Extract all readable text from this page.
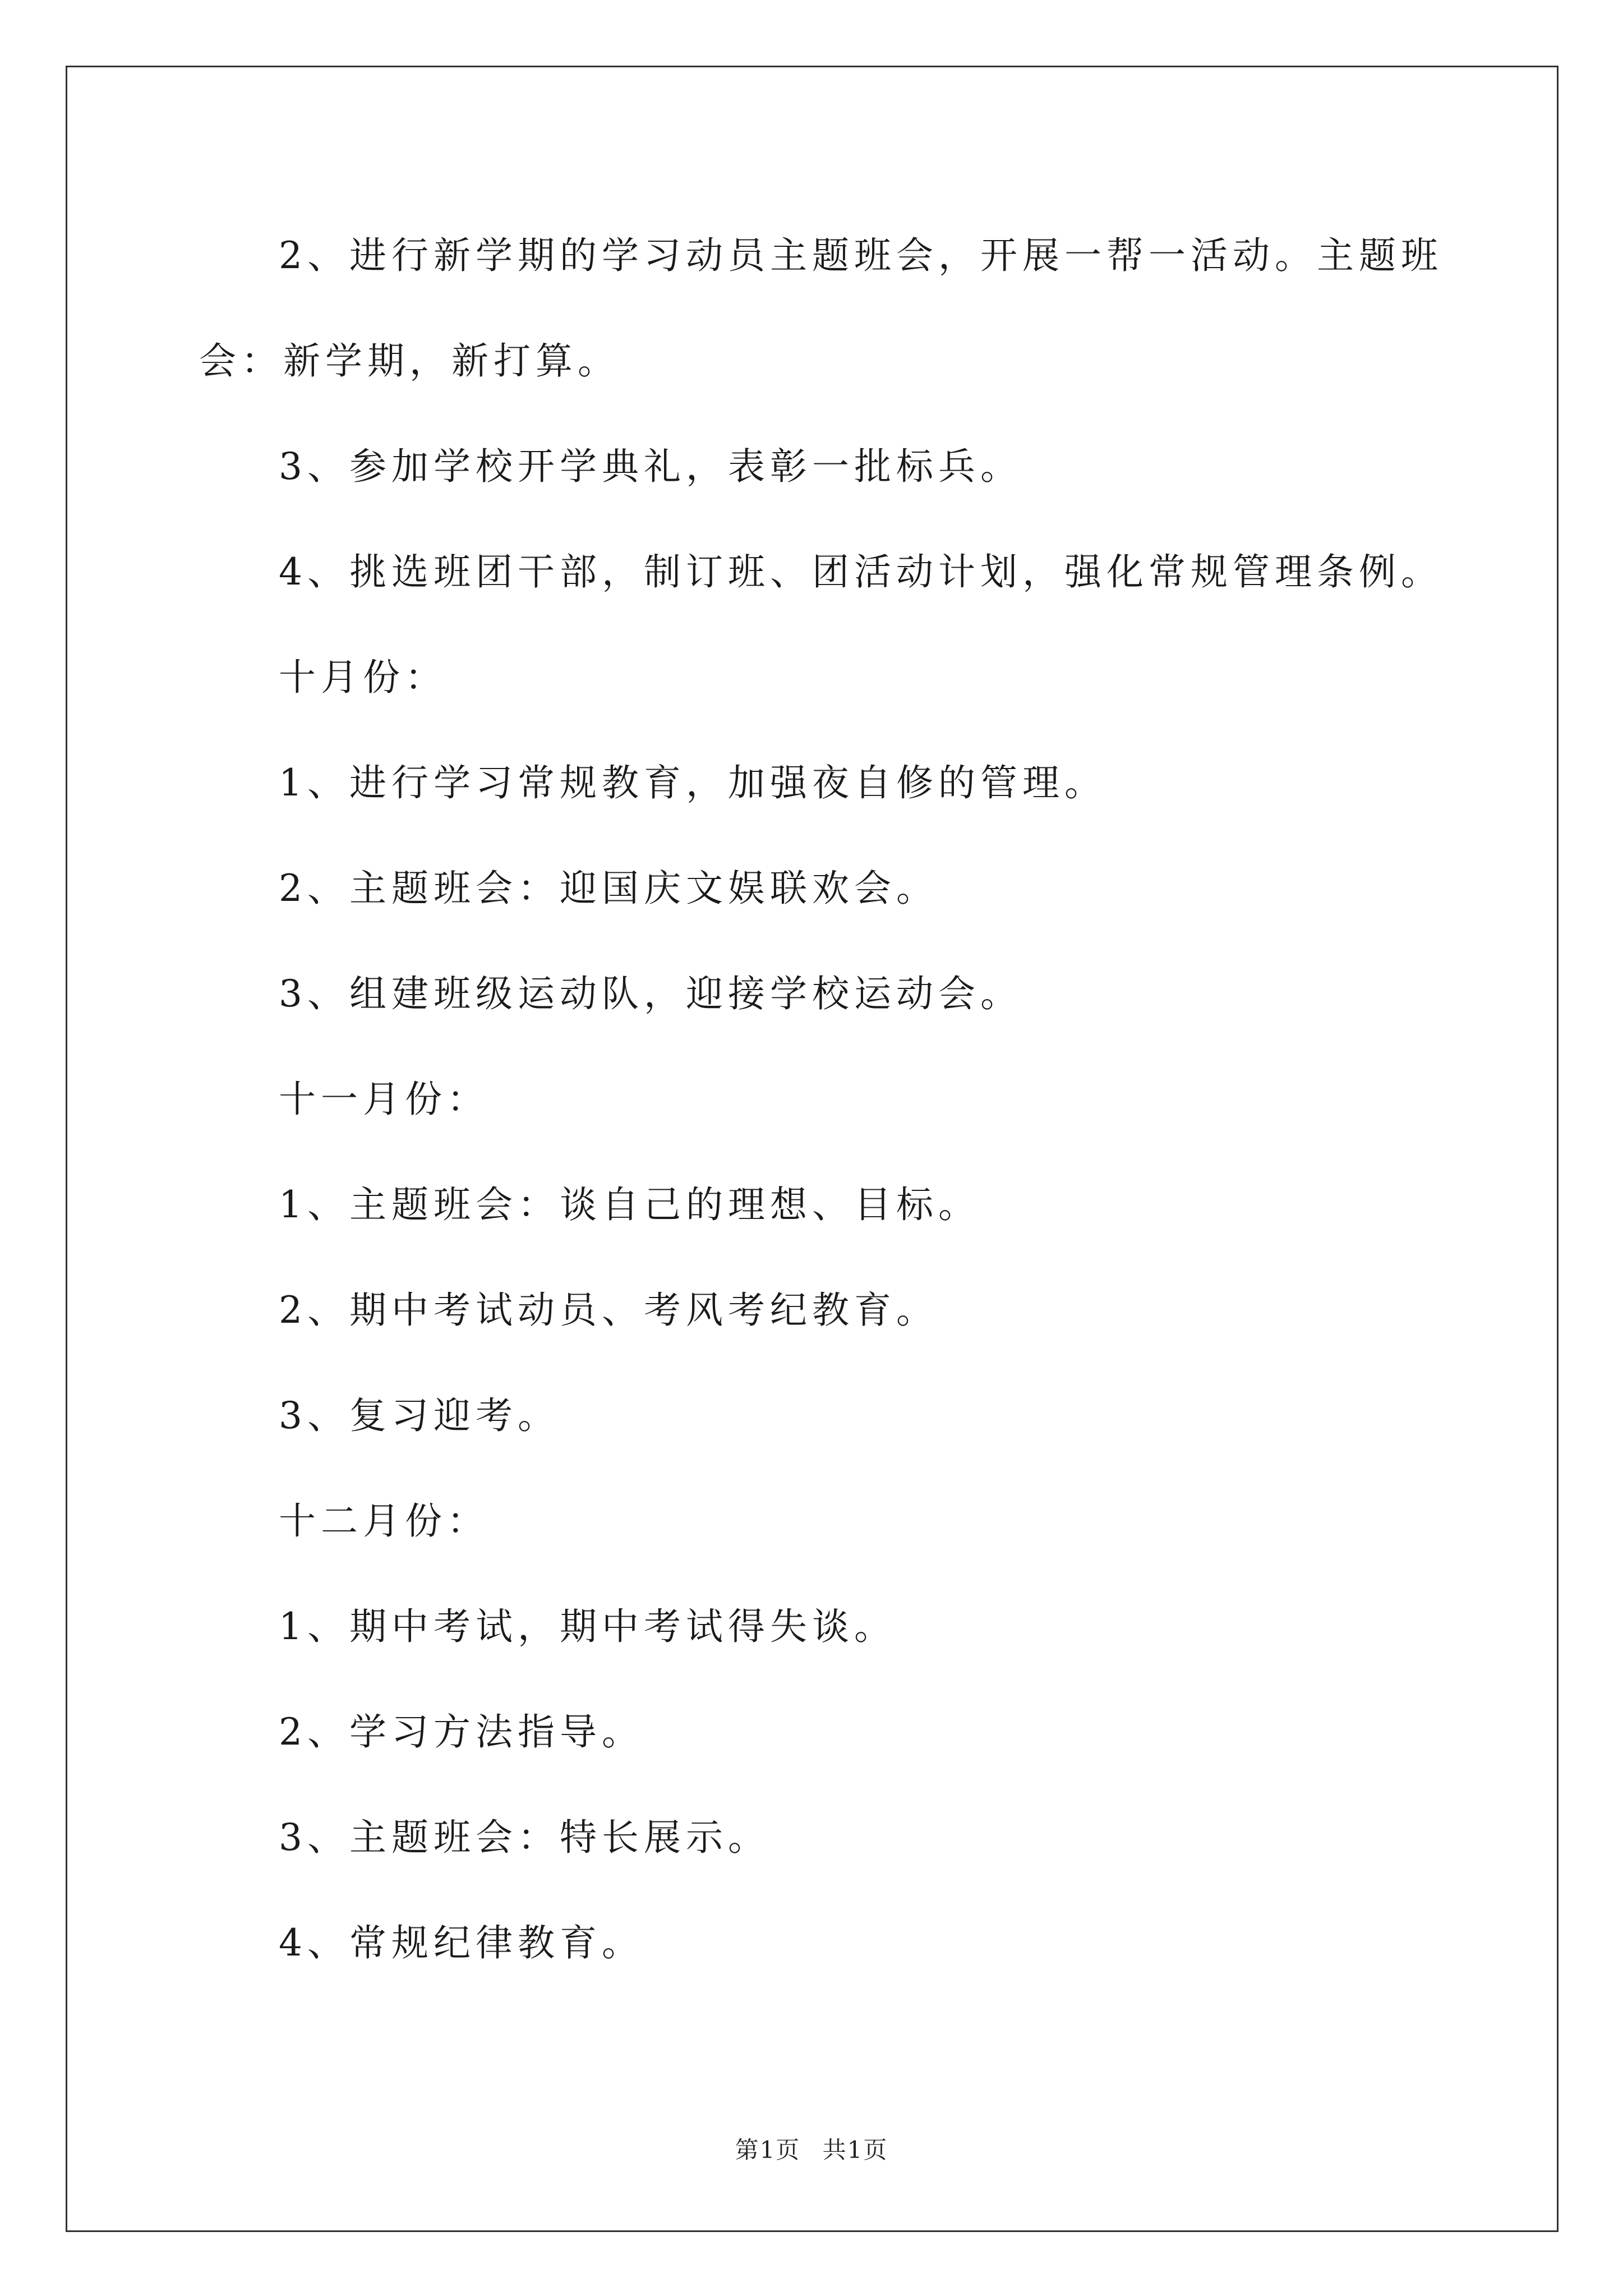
2、进行新学期的学习动员主题班会，开展一帮一活动。主题班会：新学期，新打算。

3、参加学校开学典礼，表彰一批标兵。

4、挑选班团干部，制订班、团活动计划，强化常规管理条例。

十月份：

1、进行学习常规教育，加强夜自修的管理。

2、主题班会：迎国庆文娱联欢会。

3、组建班级运动队，迎接学校运动会。

十一月份：

1、主题班会：谈自己的理想、目标。

2、期中考试动员、考风考纪教育。

3、复习迎考。

十二月份：

1、期中考试，期中考试得失谈。

2、学习方法指导。

3、主题班会：特长展示。

4、常规纪律教育。

第1页 共1页
